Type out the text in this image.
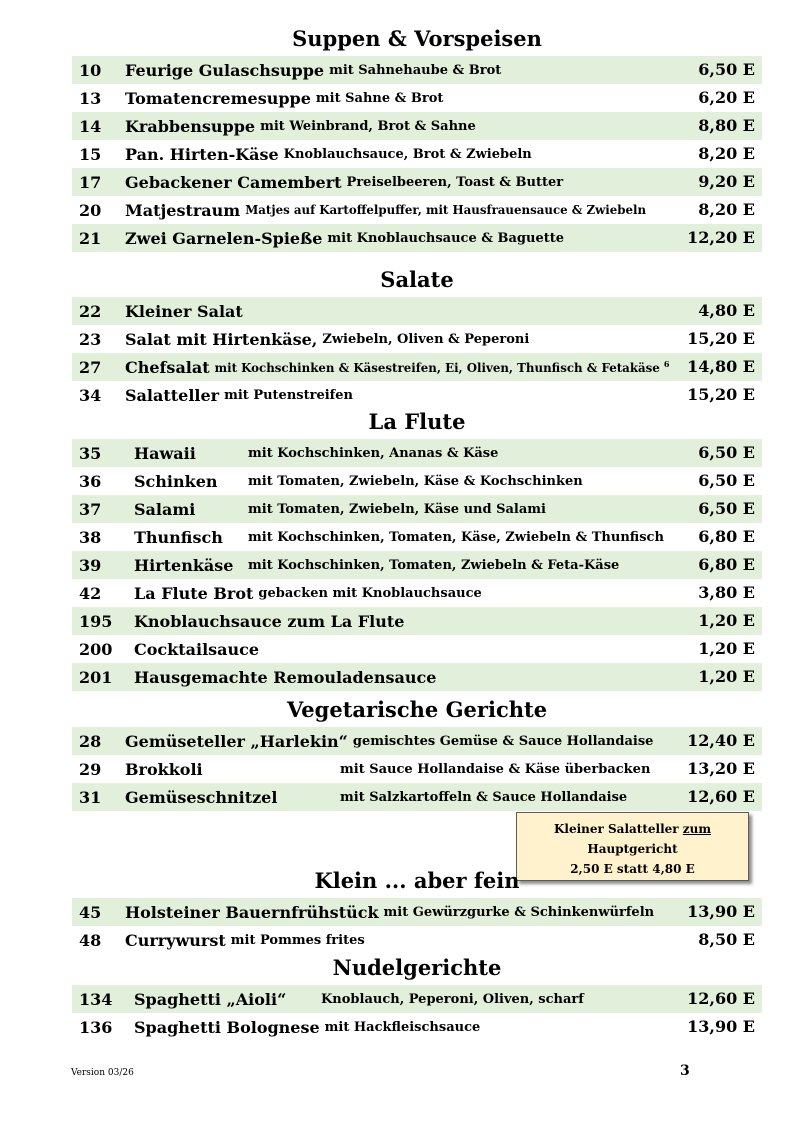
Suppen & Vorspeisen
10	Feurige Gulaschsuppe mit Sahnehaube & Brot	6,50 E
13	Tomatencremesuppe mit Sahne & Brot	6,20 E
14	Krabbensuppe mit Weinbrand, Brot & Sahne	8,80 E
15	Pan. Hirten-Käse Knoblauchsauce, Brot & Zwiebeln	8,20 E
17	Gebackener Camembert Preiselbeeren, Toast & Butter	9,20 E
20	Matjestraum Matjes auf Kartoffelpuffer, mit Hausfrauensauce & Zwiebeln	8,20 E
21	Zwei Garnelen-Spieße mit Knoblauchsauce & Baguette	12,20 E
Salate
22	Kleiner Salat	4,80 E
23	Salat mit Hirtenkäse, Zwiebeln, Oliven & Peperoni	15,20 E
27	Chefsalat mit Kochschinken & Käsestreifen, Ei, Oliven, Thunfisch & Fetakäse $^6$ 14,80 E
34	Salatteller mit Putenstreifen	15,20 E
La Flute
35	Hawaii	mit Kochschinken, Ananas & Käse	6,50 E
36	Schinken	mit Tomaten, Zwiebeln, Käse & Kochschinken	6,50 E
37	Salami	mit Tomaten, Zwiebeln, Käse und Salami	6,50 E
38	Thunfisch	mit Kochschinken, Tomaten, Käse, Zwiebeln & Thunfisch 6,80 E
39	Hirtenkäse	mit Kochschinken, Tomaten, Zwiebeln & Feta-Käse	6,80 E
42	La Flute Brot gebacken mit Knoblauchsauce	3,80 E
195	Knoblauchsauce zum La Flute	1,20 E
200	Cocktailsauce	1,20 E
201	Hausgemachte Remouladensauce	1,20 E
Vegetarische Gerichte
28	Gemüseteller „Harlekin“ gemischtes Gemüse & Sauce Hollandaise 12,40 E
29	Brokkoli	mit Sauce Hollandaise & Käse überbacken 13,20 E
31	Gemüseschnitzel	mit Salzkartoffeln & Sauce Hollandaise	12,60 E
Kleiner Salatteller zum
Hauptgericht
2,50 E statt 4,80 E
Klein ... aber fein
45	Holsteiner Bauernfrühstück mit Gewürzgurke & Schinkenwürfeln 13,90 E
48	Currywurst mit Pommes frites	8,50 E
Nudelgerichte
134	Spaghetti „Aioli“	Knoblauch, Peperoni, Oliven, scharf	12,60 E
136	Spaghetti Bolognese mit Hackfleischsauce	13,90 E
Version 03/26	3
